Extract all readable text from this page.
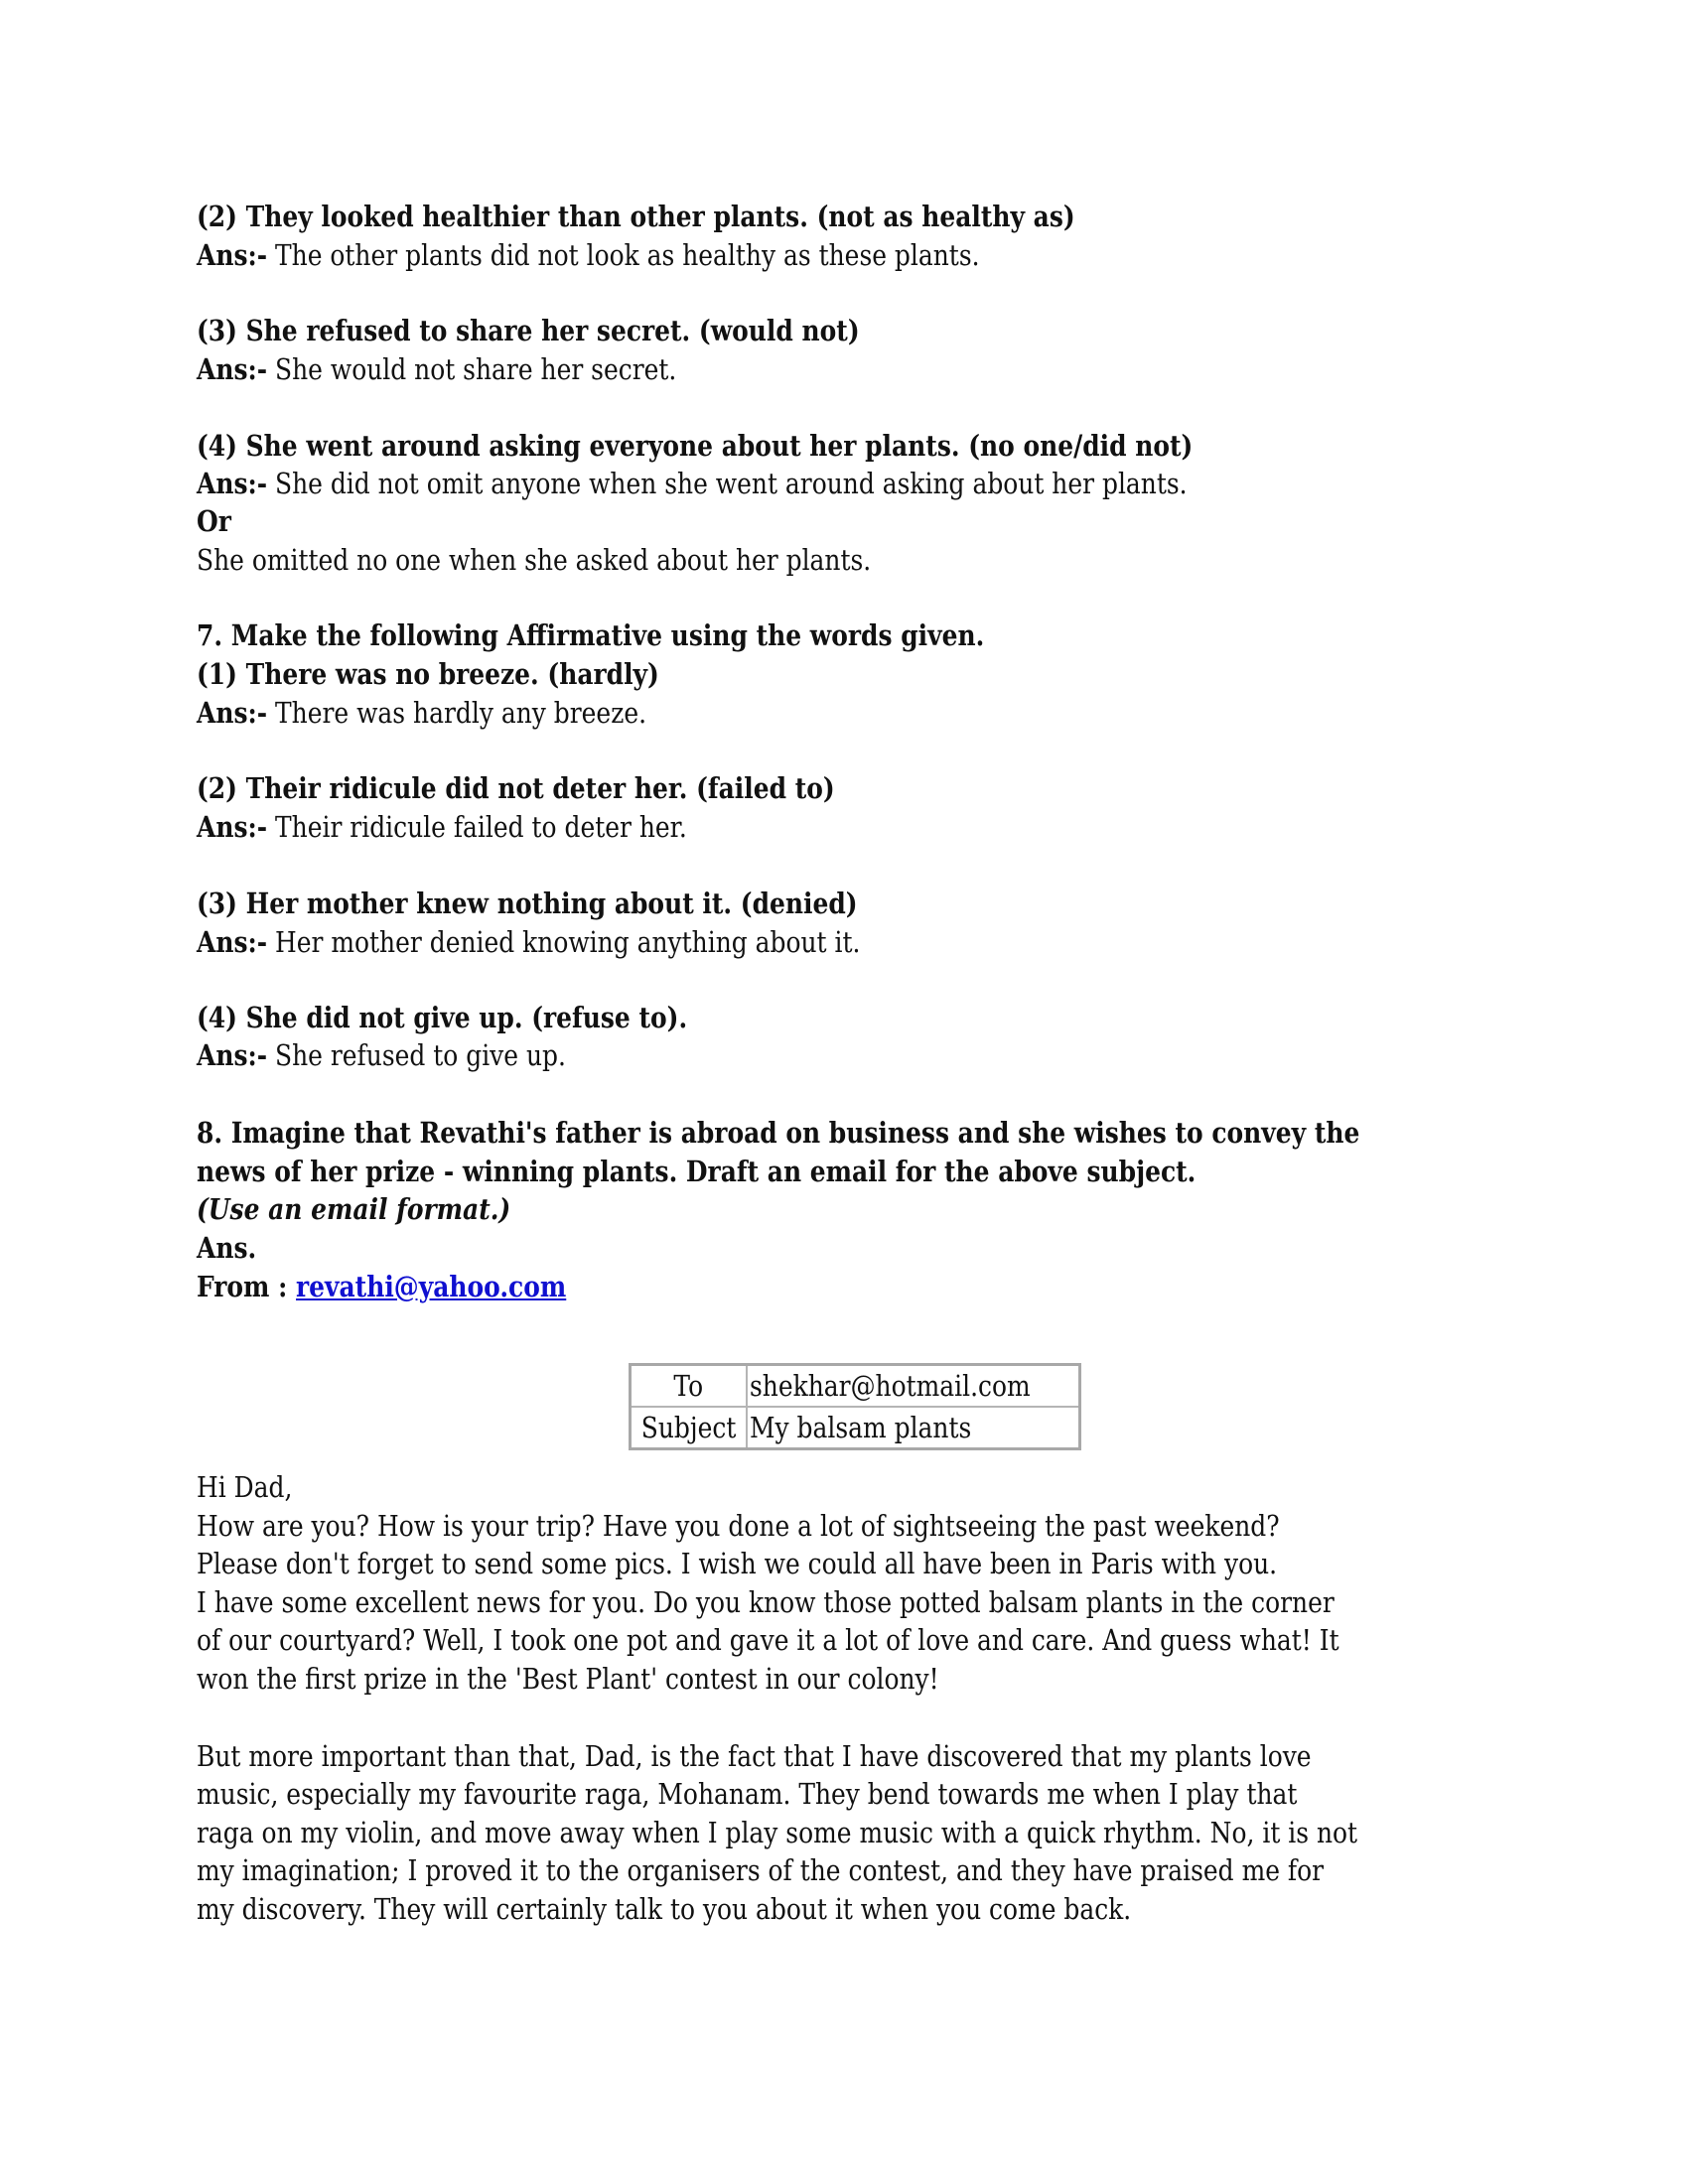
(2) They looked healthier than other plants. (not as healthy as)
Ans:- The other plants did not look as healthy as these plants.
(3) She refused to share her secret. (would not)
Ans:- She would not share her secret.
(4) She went around asking everyone about her plants. (no one/did not)
Ans:- She did not omit anyone when she went around asking about her plants.
Or
She omitted no one when she asked about her plants.
7. Make the following Affirmative using the words given.
(1) There was no breeze. (hardly)
Ans:- There was hardly any breeze.
(2) Their ridicule did not deter her. (failed to)
Ans:- Their ridicule failed to deter her.
(3) Her mother knew nothing about it. (denied)
Ans:- Her mother denied knowing anything about it.
(4) She did not give up. (refuse to).
Ans:- She refused to give up.
8. Imagine that Revathi's father is abroad on business and she wishes to convey the
news of her prize - winning plants. Draft an email for the above subject.
(Use an email format.)
Ans.
From : revathi@yahoo.com
To	shekhar@hotmail.com
Subject	My balsam plants
Hi Dad,
How are you? How is your trip? Have you done a lot of sightseeing the past weekend?
Please don't forget to send some pics. I wish we could all have been in Paris with you.
I have some excellent news for you. Do you know those potted balsam plants in the corner
of our courtyard? Well, I took one pot and gave it a lot of love and care. And guess what! It
won the first prize in the 'Best Plant' contest in our colony!
But more important than that, Dad, is the fact that I have discovered that my plants love
music, especially my favourite raga, Mohanam. They bend towards me when I play that
raga on my violin, and move away when I play some music with a quick rhythm. No, it is not
my imagination; I proved it to the organisers of the contest, and they have praised me for
my discovery. They will certainly talk to you about it when you come back.
